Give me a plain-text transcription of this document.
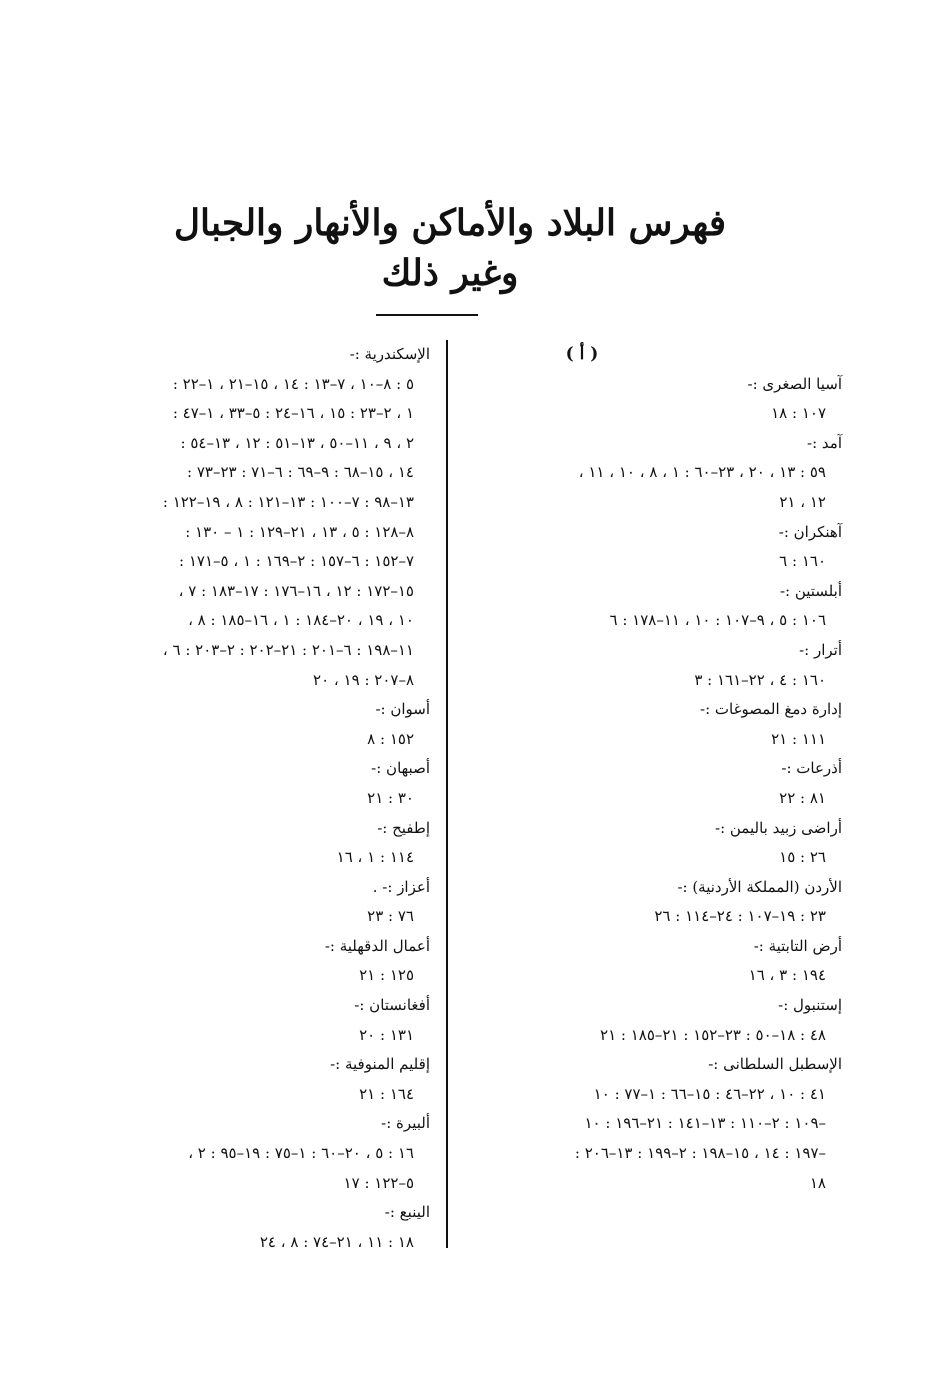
فهرس البلاد والأماكن والأنهار والجبال
وغير ذلك
( أ )
آسيا الصغرى :-
١٠٧ : ١٨
آمد :-
٥٩ : ١٣ ، ٢٠ ، ٢٣–٦٠ : ١ ، ٨ ، ١٠ ، ١١ ،
١٢ ، ٢١
آهنكران :-
١٦٠ : ٦
أبلستين :-
١٠٦ : ٥ ، ٩–١٠٧ : ١٠ ، ١١–١٧٨ : ٦
أترار :-
١٦٠ : ٤ ، ٢٢–١٦١ : ٣
إدارة دمغ المصوغات :-
١١١ : ٢١
أذرعات :-
٨١ : ٢٢
أراضى زبيد باليمن :-
٢٦ : ١٥
الأردن (المملكة الأردنية) :-
٢٣ : ١٩–١٠٧ : ٢٤–١١٤ : ٢٦
أرض التابتية :-
١٩٤ : ٣ ، ١٦
إستنبول :-
٤٨ : ١٨–٥٠ : ٢٣–١٥٢ : ٢١–١٨٥ : ٢١
الإسطبل السلطانى :-
٤١ : ١٠ ، ٢٢–٤٦ : ١٥–٦٦ : ١–٧٧ : ١٠
–١٠٩ : ٢–١١٠ : ١٣–١٤١ : ٢١–١٩٦ : ١٠
–١٩٧ : ١٤ ، ١٥–١٩٨ : ٢–١٩٩ : ١٣–٢٠٦ :
١٨
الإسكندرية :-
٥ : ٨–١٠ ، ٧–١٣ : ١٤ ، ١٥–٢١ ، ١–٢٢ :
١ ، ٢–٢٣ : ١٥ ، ١٦–٢٤ : ٥–٣٣ ، ١–٤٧ :
٢ ، ٩ ، ١١–٥٠ ، ١٣–٥١ : ١٢ ، ١٣–٥٤ :
١٤ ، ١٥–٦٨ : ٩–٦٩ : ٦–٧١ : ٢٣–٧٣ :
١٣–٩٨ : ٧–١٠٠ : ١٣–١٢١ : ٨ ، ١٩–١٢٢ :
٨–١٢٨ : ٥ ، ١٣ ، ٢١–١٢٩ : ١ – ١٣٠ :
٧–١٥٢ : ٦–١٥٧ : ٢–١٦٩ : ١ ، ٥–١٧١ :
١٥–١٧٢ : ١٢ ، ١٦–١٧٦ : ١٧–١٨٣ : ٧ ،
١٠ ، ١٩ ، ٢٠–١٨٤ : ١ ، ١٦–١٨٥ : ٨ ،
١١–١٩٨ : ٦–٢٠١ : ٢١–٢٠٢ : ٢–٢٠٣ : ٦ ،
٨–٢٠٧ : ١٩ ، ٢٠
أسوان :-
١٥٢ : ٨
أصبهان :-
٣٠ : ٢١
إطفيح :-
١١٤ : ١ ، ١٦
أعزاز :- .
٧٦ : ٢٣
أعمال الدقهلية :-
١٢٥ : ٢١
أفغانستان :-
١٣١ : ٢٠
إقليم المنوفية :-
١٦٤ : ٢١
ألبيرة :-
١٦ : ٥ ، ٢٠–٦٠ : ١–٧٥ : ١٩–٩٥ : ٢ ،
٥–١٢٢ : ١٧
الينبع :-
١٨ : ١١ ، ٢١–٧٤ : ٨ ، ٢٤
